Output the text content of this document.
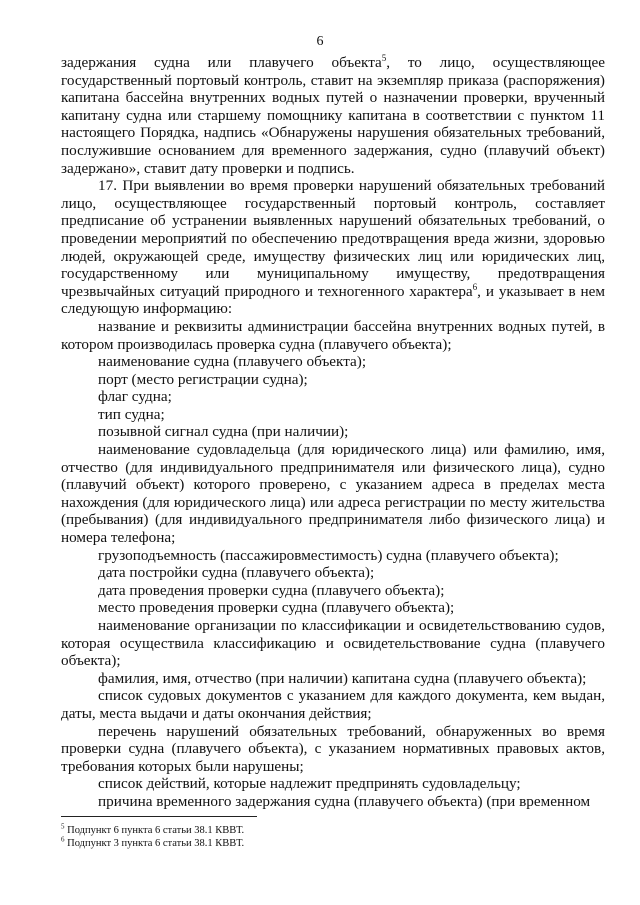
6

задержания судна или плавучего объекта$^5$, то лицо, осуществляющее государственный портовый контроль, ставит на экземпляр приказа (распоряжения) капитана бассейна внутренних водных путей о назначении проверки, врученный капитану судна или старшему помощнику капитана в соответствии с пунктом 11 настоящего Порядка, надпись «Обнаружены нарушения обязательных требований, послужившие основанием для временного задержания, судно (плавучий объект) задержано», ставит дату проверки и подпись.

17. При выявлении во время проверки нарушений обязательных требований лицо, осуществляющее государственный портовый контроль, составляет предписание об устранении выявленных нарушений обязательных требований, о проведении мероприятий по обеспечению предотвращения вреда жизни, здоровью людей, окружающей среде, имуществу физических лиц или юридических лиц, государственному или муниципальному имуществу, предотвращения чрезвычайных ситуаций природного и техногенного характера$^6$, и указывает в нем следующую информацию:

название и реквизиты администрации бассейна внутренних водных путей, в котором производилась проверка судна (плавучего объекта);

наименование судна (плавучего объекта);

порт (место регистрации судна);

флаг судна;

тип судна;

позывной сигнал судна (при наличии);

наименование судовладельца (для юридического лица) или фамилию, имя, отчество (для индивидуального предпринимателя или физического лица), судно (плавучий объект) которого проверено, с указанием адреса в пределах места нахождения (для юридического лица) или адреса регистрации по месту жительства (пребывания) (для индивидуального предпринимателя либо физического лица) и номера телефона;

грузоподъемность (пассажировместимость) судна (плавучего объекта);

дата постройки судна (плавучего объекта);

дата проведения проверки судна (плавучего объекта);

место проведения проверки судна (плавучего объекта);

наименование организации по классификации и освидетельствованию судов, которая осуществила классификацию и освидетельствование судна (плавучего объекта);

фамилия, имя, отчество (при наличии) капитана судна (плавучего объекта);

список судовых документов с указанием для каждого документа, кем выдан, даты, места выдачи и даты окончания действия;

перечень нарушений обязательных требований, обнаруженных во время проверки судна (плавучего объекта), с указанием нормативных правовых актов, требования которых были нарушены;

список действий, которые надлежит предпринять судовладельцу;

причина временного задержания судна (плавучего объекта) (при временном

$^5$ Подпункт 6 пункта 6 статьи 38.1 КВВТ.

$^6$ Подпункт 3 пункта 6 статьи 38.1 КВВТ.
